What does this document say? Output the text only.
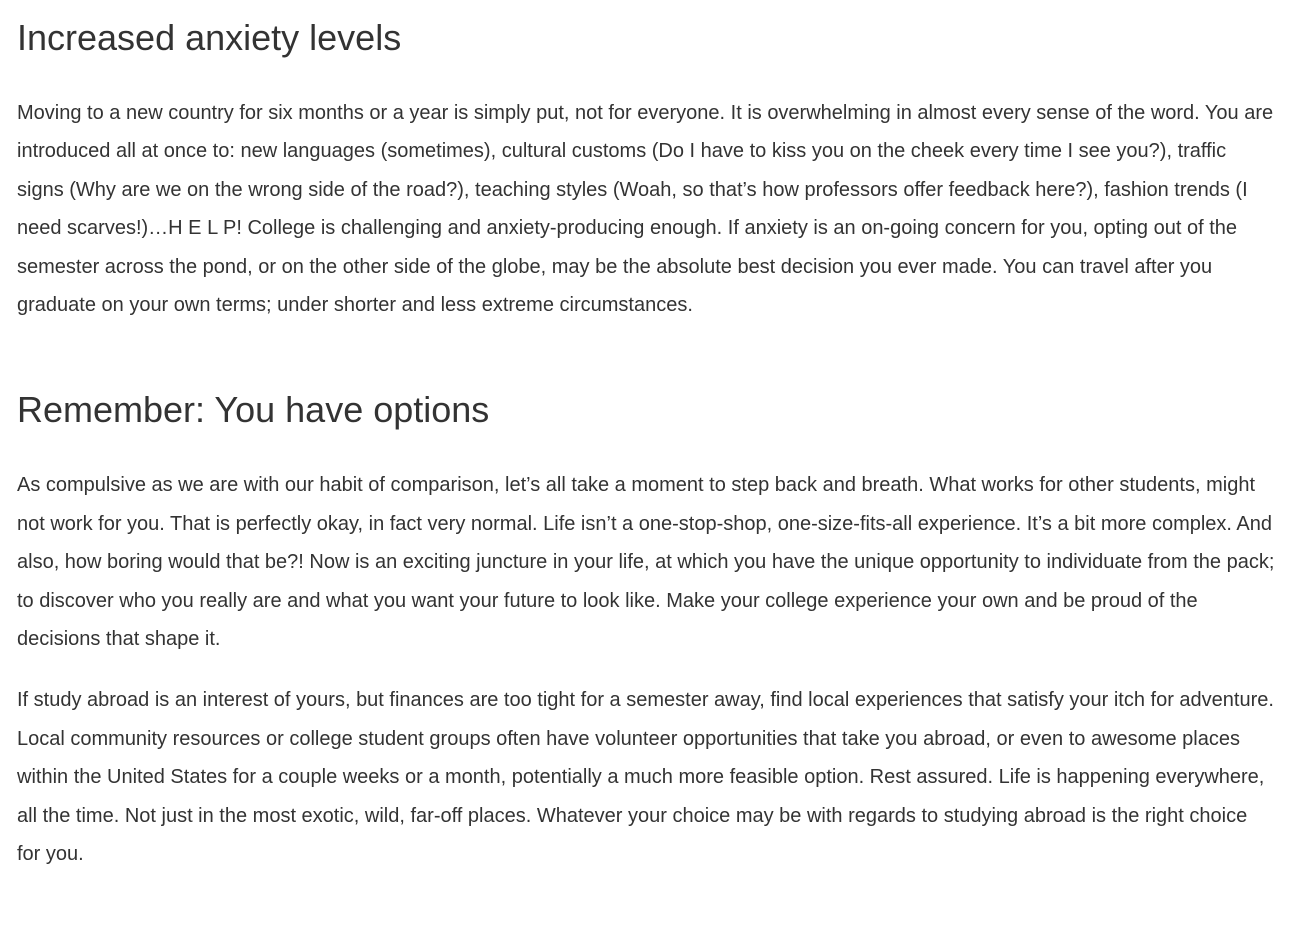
Increased anxiety levels

Moving to a new country for six months or a year is simply put, not for everyone. It is overwhelming in almost every sense of the word. You are introduced all at once to: new languages (sometimes), cultural customs (Do I have to kiss you on the cheek every time I see you?), traffic signs (Why are we on the wrong side of the road?), teaching styles (Woah, so that’s how professors offer feedback here?), fashion trends (I need scarves!)…H E L P! College is challenging and anxiety-producing enough. If anxiety is an on-going concern for you, opting out of the semester across the pond, or on the other side of the globe, may be the absolute best decision you ever made. You can travel after you graduate on your own terms; under shorter and less extreme circumstances.

Remember: You have options

As compulsive as we are with our habit of comparison, let’s all take a moment to step back and breath. What works for other students, might not work for you. That is perfectly okay, in fact very normal. Life isn’t a one-stop-shop, one-size-fits-all experience. It’s a bit more complex. And also, how boring would that be?! Now is an exciting juncture in your life, at which you have the unique opportunity to individuate from the pack; to discover who you really are and what you want your future to look like. Make your college experience your own and be proud of the decisions that shape it.

If study abroad is an interest of yours, but finances are too tight for a semester away, find local experiences that satisfy your itch for adventure. Local community resources or college student groups often have volunteer opportunities that take you abroad, or even to awesome places within the United States for a couple weeks or a month, potentially a much more feasible option. Rest assured. Life is happening everywhere, all the time. Not just in the most exotic, wild, far-off places. Whatever your choice may be with regards to studying abroad is the right choice for you.
